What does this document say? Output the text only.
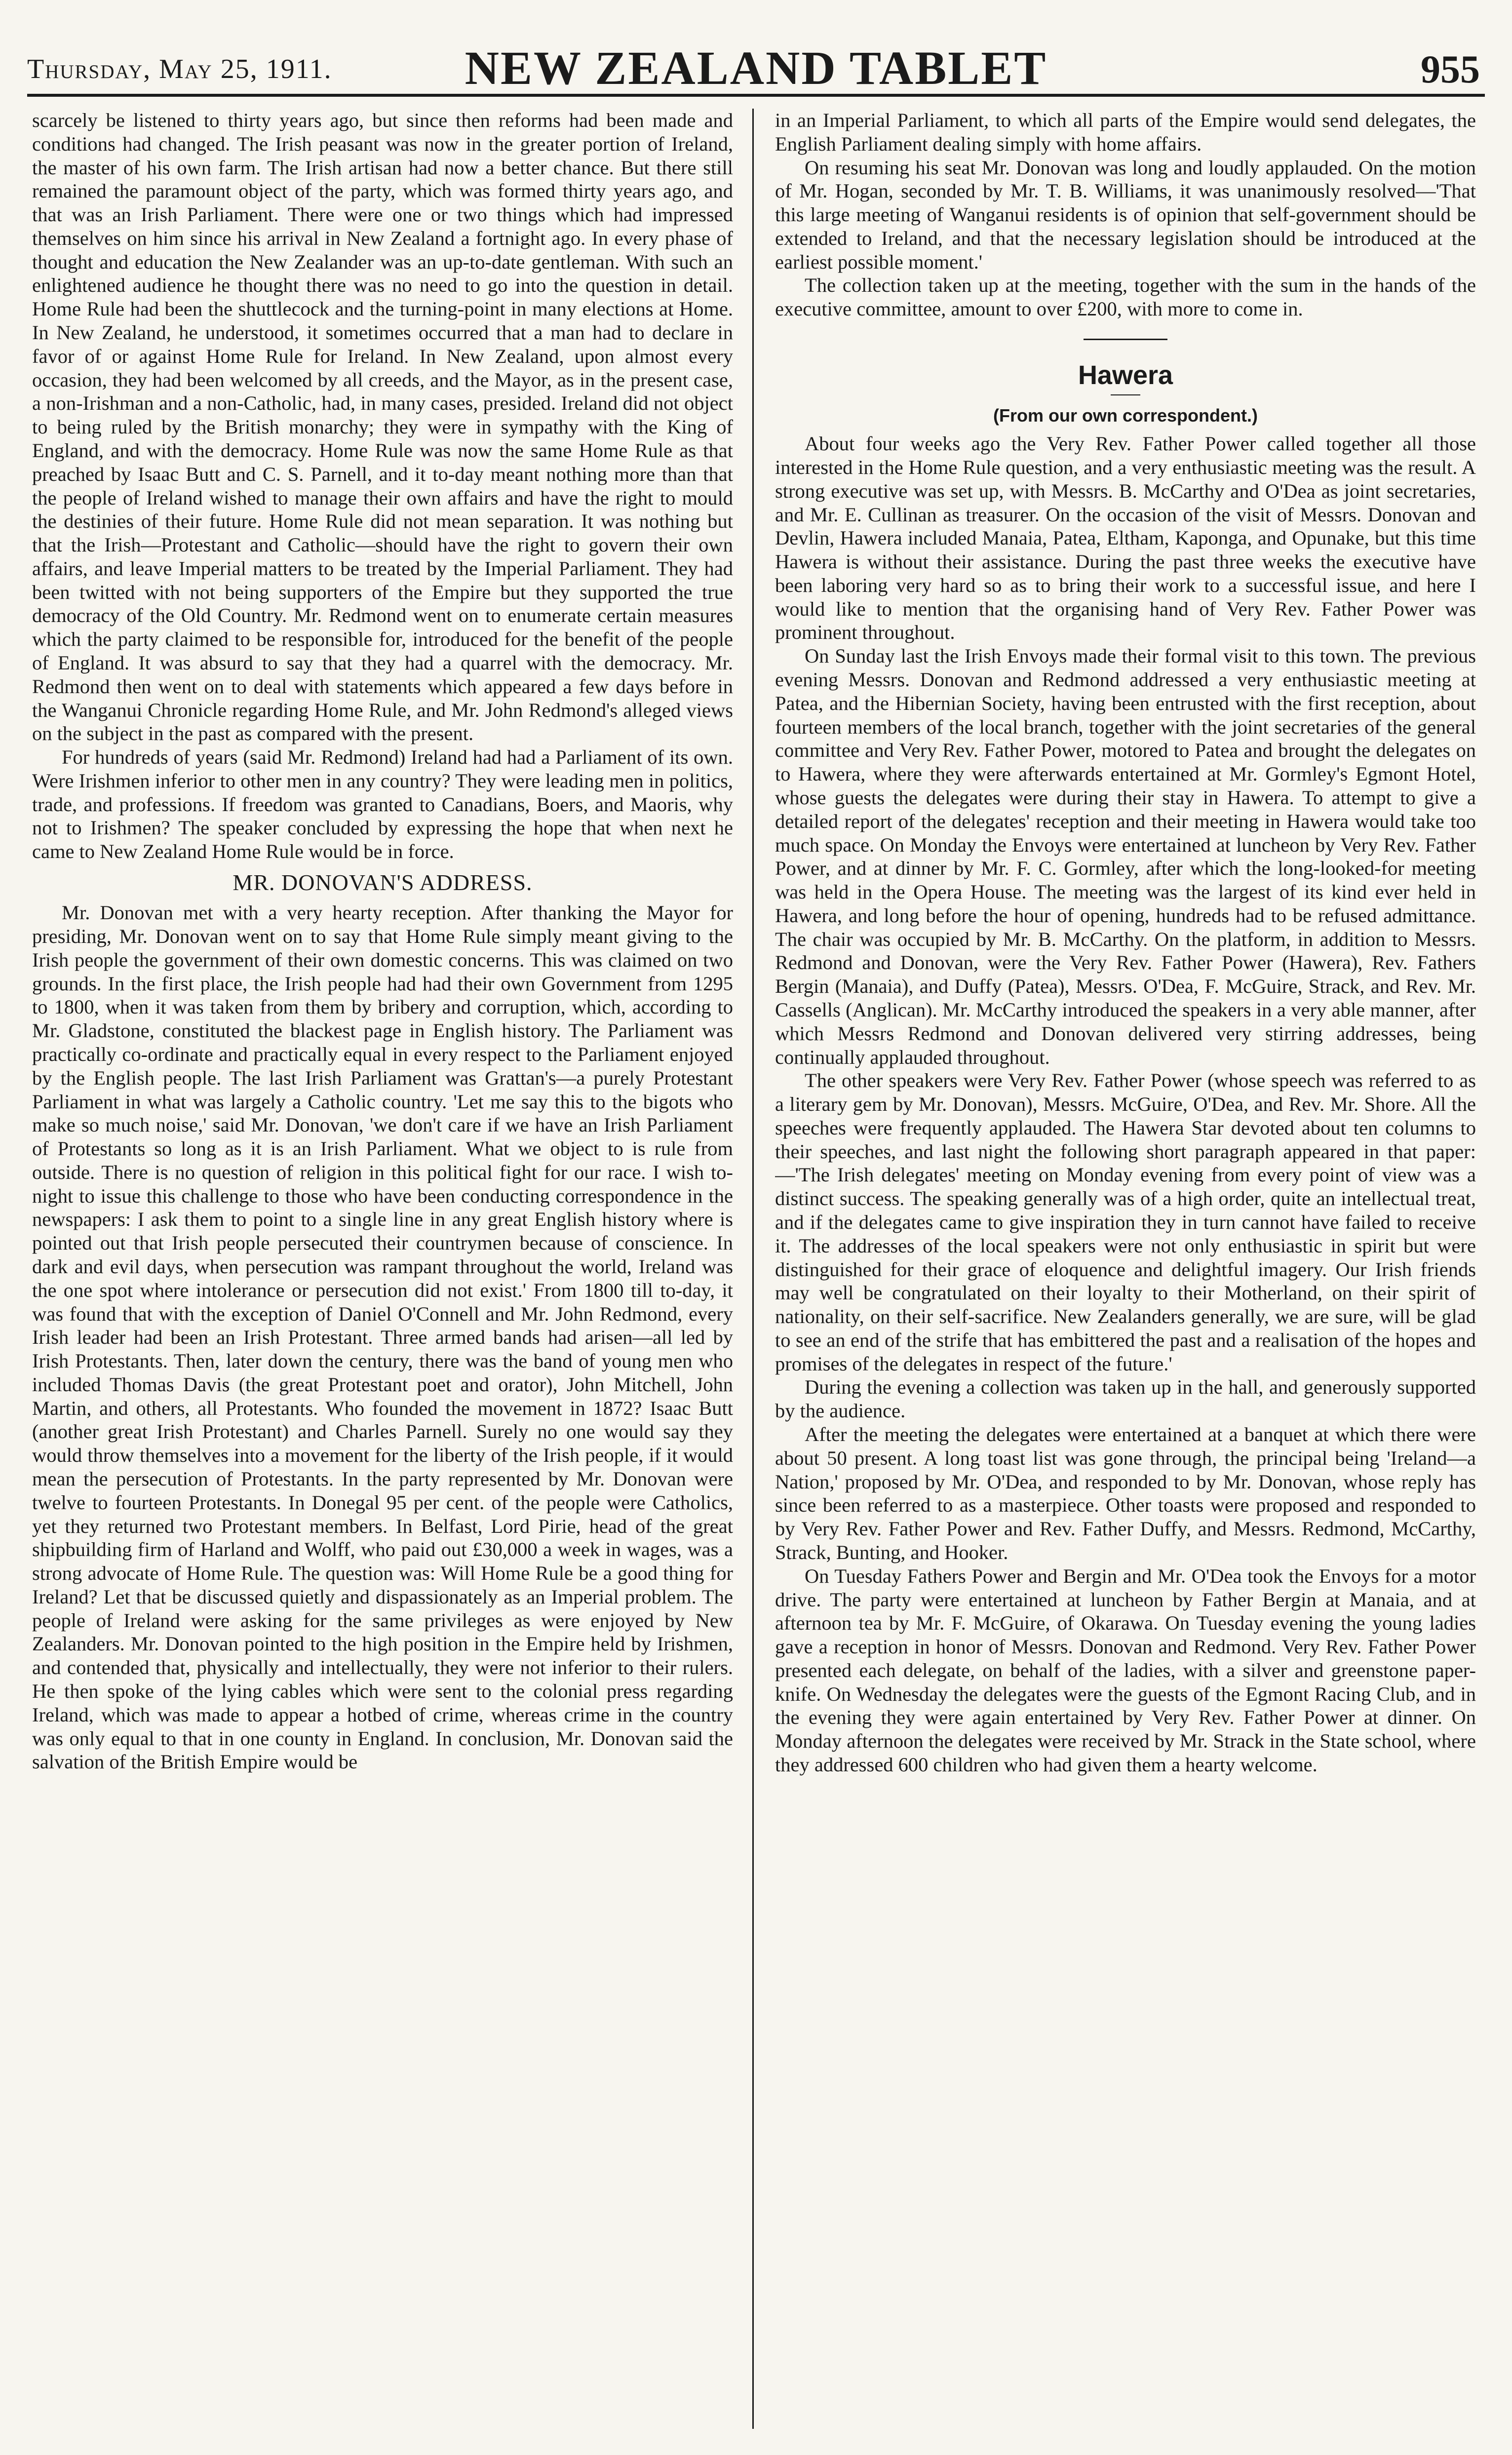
Thursday, May 25, 1911.	NEW ZEALAND TABLET	955

scarcely be listened to thirty years ago, but since then reforms had been made and conditions had changed. The Irish peasant was now in the greater portion of Ireland, the master of his own farm. The Irish artisan had now a better chance. But there still remained the paramount object of the party, which was formed thirty years ago, and that was an Irish Parliament. There were one or two things which had impressed themselves on him since his arrival in New Zealand a fortnight ago. In every phase of thought and education the New Zealander was an up-to-date gentleman. With such an enlightened audience he thought there was no need to go into the question in detail. Home Rule had been the shuttlecock and the turning-point in many elections at Home. In New Zealand, he understood, it sometimes occurred that a man had to declare in favor of or against Home Rule for Ireland. In New Zealand, upon almost every occasion, they had been welcomed by all creeds, and the Mayor, as in the present case, a non-Irishman and a non-Catholic, had, in many cases, presided. Ireland did not object to being ruled by the British monarchy; they were in sympathy with the King of England, and with the democracy. Home Rule was now the same Home Rule as that preached by Isaac Butt and C. S. Parnell, and it to-day meant nothing more than that the people of Ireland wished to manage their own affairs and have the right to mould the destinies of their future. Home Rule did not mean separation. It was nothing but that the Irish—Protestant and Catholic—should have the right to govern their own affairs, and leave Imperial matters to be treated by the Imperial Parliament. They had been twitted with not being supporters of the Empire but they supported the true democracy of the Old Country. Mr. Redmond went on to enumerate certain measures which the party claimed to be responsible for, introduced for the benefit of the people of England. It was absurd to say that they had a quarrel with the democracy. Mr. Redmond then went on to deal with statements which appeared a few days before in the Wanganui Chronicle regarding Home Rule, and Mr. John Redmond's alleged views on the subject in the past as compared with the present.

For hundreds of years (said Mr. Redmond) Ireland had had a Parliament of its own. Were Irishmen inferior to other men in any country? They were leading men in politics, trade, and professions. If freedom was granted to Canadians, Boers, and Maoris, why not to Irishmen? The speaker concluded by expressing the hope that when next he came to New Zealand Home Rule would be in force.

MR. DONOVAN'S ADDRESS.

Mr. Donovan met with a very hearty reception. After thanking the Mayor for presiding, Mr. Donovan went on to say that Home Rule simply meant giving to the Irish people the government of their own domestic concerns. This was claimed on two grounds. In the first place, the Irish people had had their own Government from 1295 to 1800, when it was taken from them by bribery and corruption, which, according to Mr. Gladstone, constituted the blackest page in English history. The Parliament was practically co-ordinate and practically equal in every respect to the Parliament enjoyed by the English people. The last Irish Parliament was Grattan's—a purely Protestant Parliament in what was largely a Catholic country. 'Let me say this to the bigots who make so much noise,' said Mr. Donovan, 'we don't care if we have an Irish Parliament of Protestants so long as it is an Irish Parliament. What we object to is rule from outside. There is no question of religion in this political fight for our race. I wish to-night to issue this challenge to those who have been conducting correspondence in the newspapers: I ask them to point to a single line in any great English history where is pointed out that Irish people persecuted their countrymen because of conscience. In dark and evil days, when persecution was rampant throughout the world, Ireland was the one spot where intolerance or persecution did not exist.' From 1800 till to-day, it was found that with the exception of Daniel O'Connell and Mr. John Redmond, every Irish leader had been an Irish Protestant. Three armed bands had arisen—all led by Irish Protestants. Then, later down the century, there was the band of young men who included Thomas Davis (the great Protestant poet and orator), John Mitchell, John Martin, and others, all Protestants. Who founded the movement in 1872? Isaac Butt (another great Irish Protestant) and Charles Parnell. Surely no one would say they would throw themselves into a movement for the liberty of the Irish people, if it would mean the persecution of Protestants. In the party represented by Mr. Donovan were twelve to fourteen Protestants. In Donegal 95 per cent. of the people were Catholics, yet they returned two Protestant members. In Belfast, Lord Pirie, head of the great shipbuilding firm of Harland and Wolff, who paid out £30,000 a week in wages, was a strong advocate of Home Rule. The question was: Will Home Rule be a good thing for Ireland? Let that be discussed quietly and dispassionately as an Imperial problem. The people of Ireland were asking for the same privileges as were enjoyed by New Zealanders. Mr. Donovan pointed to the high position in the Empire held by Irishmen, and contended that, physically and intellectually, they were not inferior to their rulers. He then spoke of the lying cables which were sent to the colonial press regarding Ireland, which was made to appear a hotbed of crime, whereas crime in the country was only equal to that in one county in England. In conclusion, Mr. Donovan said the salvation of the British Empire would be

in an Imperial Parliament, to which all parts of the Empire would send delegates, the English Parliament dealing simply with home affairs.

On resuming his seat Mr. Donovan was long and loudly applauded. On the motion of Mr. Hogan, seconded by Mr. T. B. Williams, it was unanimously resolved—'That this large meeting of Wanganui residents is of opinion that self-government should be extended to Ireland, and that the necessary legislation should be introduced at the earliest possible moment.'

The collection taken up at the meeting, together with the sum in the hands of the executive committee, amount to over £200, with more to come in.

Hawera
(From our own correspondent.)

About four weeks ago the Very Rev. Father Power called together all those interested in the Home Rule question, and a very enthusiastic meeting was the result. A strong executive was set up, with Messrs. B. McCarthy and O'Dea as joint secretaries, and Mr. E. Cullinan as treasurer. On the occasion of the visit of Messrs. Donovan and Devlin, Hawera included Manaia, Patea, Eltham, Kaponga, and Opunake, but this time Hawera is without their assistance. During the past three weeks the executive have been laboring very hard so as to bring their work to a successful issue, and here I would like to mention that the organising hand of Very Rev. Father Power was prominent throughout.

On Sunday last the Irish Envoys made their formal visit to this town. The previous evening Messrs. Donovan and Redmond addressed a very enthusiastic meeting at Patea, and the Hibernian Society, having been entrusted with the first reception, about fourteen members of the local branch, together with the joint secretaries of the general committee and Very Rev. Father Power, motored to Patea and brought the delegates on to Hawera, where they were afterwards entertained at Mr. Gormley's Egmont Hotel, whose guests the delegates were during their stay in Hawera. To attempt to give a detailed report of the delegates' reception and their meeting in Hawera would take too much space. On Monday the Envoys were entertained at luncheon by Very Rev. Father Power, and at dinner by Mr. F. C. Gormley, after which the long-looked-for meeting was held in the Opera House. The meeting was the largest of its kind ever held in Hawera, and long before the hour of opening, hundreds had to be refused admittance. The chair was occupied by Mr. B. McCarthy. On the platform, in addition to Messrs. Redmond and Donovan, were the Very Rev. Father Power (Hawera), Rev. Fathers Bergin (Manaia), and Duffy (Patea), Messrs. O'Dea, F. McGuire, Strack, and Rev. Mr. Cassells (Anglican). Mr. McCarthy introduced the speakers in a very able manner, after which Messrs Redmond and Donovan delivered very stirring addresses, being continually applauded throughout.

The other speakers were Very Rev. Father Power (whose speech was referred to as a literary gem by Mr. Donovan), Messrs. McGuire, O'Dea, and Rev. Mr. Shore. All the speeches were frequently applauded. The Hawera Star devoted about ten columns to their speeches, and last night the following short paragraph appeared in that paper:—'The Irish delegates' meeting on Monday evening from every point of view was a distinct success. The speaking generally was of a high order, quite an intellectual treat, and if the delegates came to give inspiration they in turn cannot have failed to receive it. The addresses of the local speakers were not only enthusiastic in spirit but were distinguished for their grace of eloquence and delightful imagery. Our Irish friends may well be congratulated on their loyalty to their Motherland, on their spirit of nationality, on their self-sacrifice. New Zealanders generally, we are sure, will be glad to see an end of the strife that has embittered the past and a realisation of the hopes and promises of the delegates in respect of the future.'

During the evening a collection was taken up in the hall, and generously supported by the audience.

After the meeting the delegates were entertained at a banquet at which there were about 50 present. A long toast list was gone through, the principal being 'Ireland—a Nation,' proposed by Mr. O'Dea, and responded to by Mr. Donovan, whose reply has since been referred to as a masterpiece. Other toasts were proposed and responded to by Very Rev. Father Power and Rev. Father Duffy, and Messrs. Redmond, McCarthy, Strack, Bunting, and Hooker.

On Tuesday Fathers Power and Bergin and Mr. O'Dea took the Envoys for a motor drive. The party were entertained at luncheon by Father Bergin at Manaia, and at afternoon tea by Mr. F. McGuire, of Okarawa. On Tuesday evening the young ladies gave a reception in honor of Messrs. Donovan and Redmond. Very Rev. Father Power presented each delegate, on behalf of the ladies, with a silver and greenstone paper-knife. On Wednesday the delegates were the guests of the Egmont Racing Club, and in the evening they were again entertained by Very Rev. Father Power at dinner. On Monday afternoon the delegates were received by Mr. Strack in the State school, where they addressed 600 children who had given them a hearty welcome.
